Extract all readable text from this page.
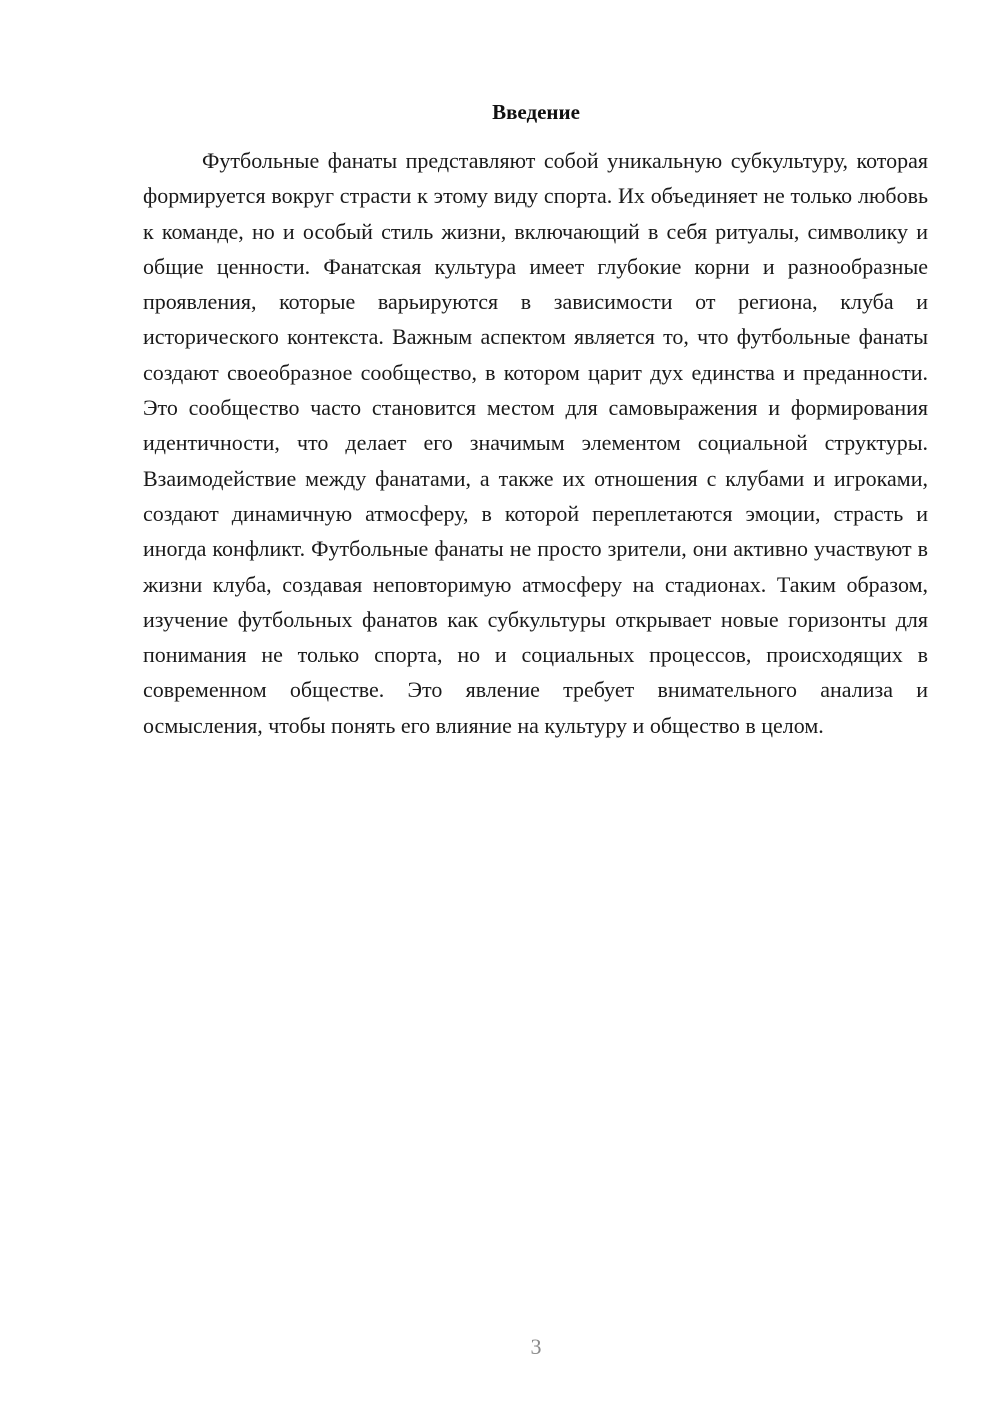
Введение

Футбольные фанаты представляют собой уникальную субкультуру, которая формируется вокруг страсти к этому виду спорта. Их объединяет не только любовь к команде, но и особый стиль жизни, включающий в себя ритуалы, символику и общие ценности. Фанатская культура имеет глубокие корни и разнообразные проявления, которые варьируются в зависимости от региона, клуба и исторического контекста. Важным аспектом является то, что футбольные фанаты создают своеобразное сообщество, в котором царит дух единства и преданности. Это сообщество часто становится местом для самовыражения и формирования идентичности, что делает его значимым элементом социальной структуры. Взаимодействие между фанатами, а также их отношения с клубами и игроками, создают динамичную атмосферу, в которой переплетаются эмоции, страсть и иногда конфликт. Футбольные фанаты не просто зрители, они активно участвуют в жизни клуба, создавая неповторимую атмосферу на стадионах. Таким образом, изучение футбольных фанатов как субкультуры открывает новые горизонты для понимания не только спорта, но и социальных процессов, происходящих в современном обществе. Это явление требует внимательного анализа и осмысления, чтобы понять его влияние на культуру и общество в целом.

3
